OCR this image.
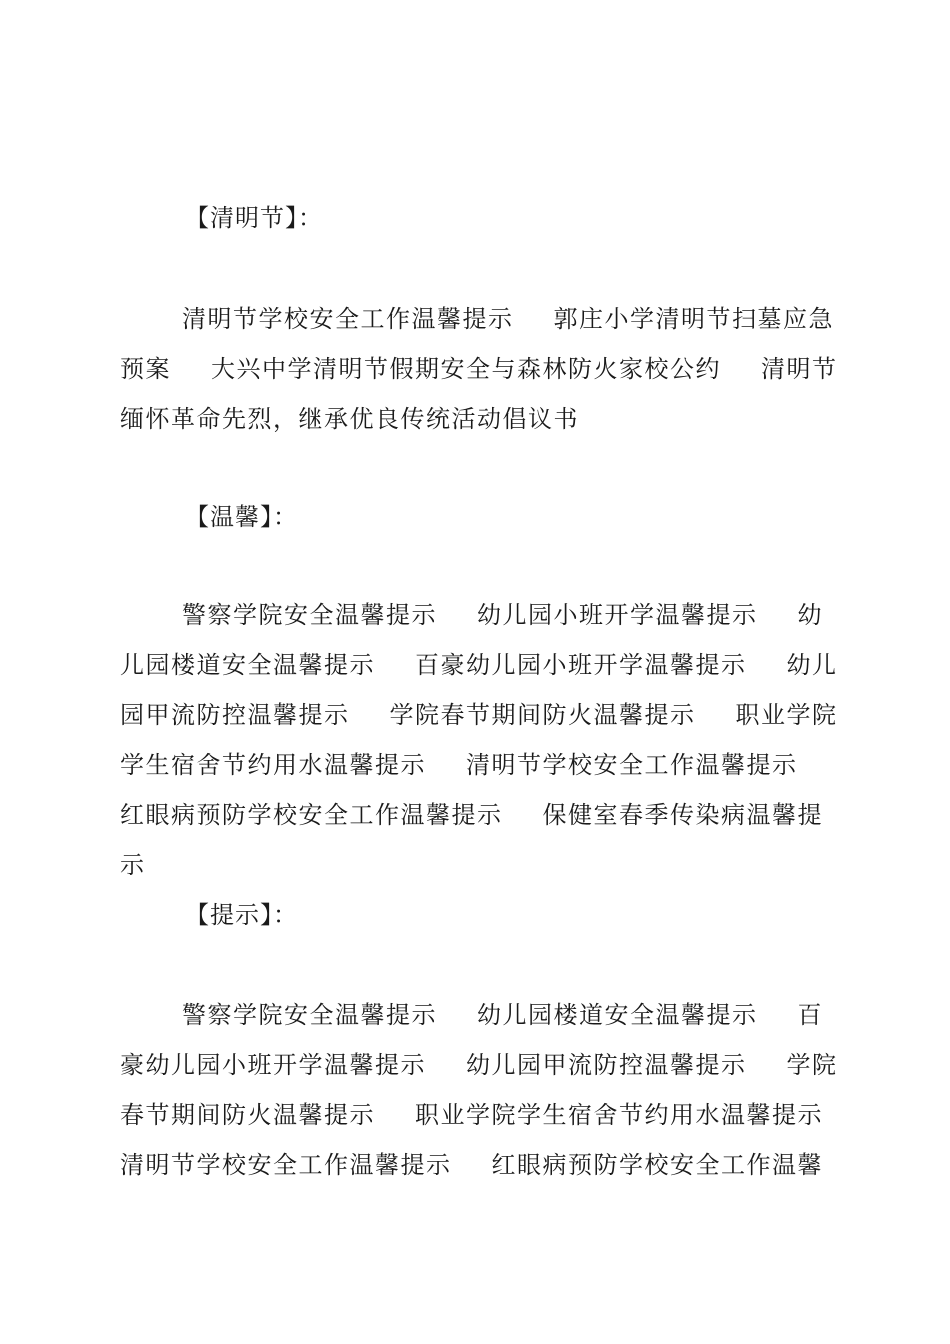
【清明节】：
清明节学校安全工作温馨提示 郭庄小学清明节扫墓应急
预案 大兴中学清明节假期安全与森林防火家校公约 清明节
缅怀革命先烈，继承优良传统活动倡议书
【温馨】：
警察学院安全温馨提示 幼儿园小班开学温馨提示 幼
儿园楼道安全温馨提示 百豪幼儿园小班开学温馨提示 幼儿
园甲流防控温馨提示 学院春节期间防火温馨提示 职业学院
学生宿舍节约用水温馨提示 清明节学校安全工作温馨提示
红眼病预防学校安全工作温馨提示 保健室春季传染病温馨提
示
【提示】：
警察学院安全温馨提示 幼儿园楼道安全温馨提示 百
豪幼儿园小班开学温馨提示 幼儿园甲流防控温馨提示 学院
春节期间防火温馨提示 职业学院学生宿舍节约用水温馨提示
清明节学校安全工作温馨提示 红眼病预防学校安全工作温馨
